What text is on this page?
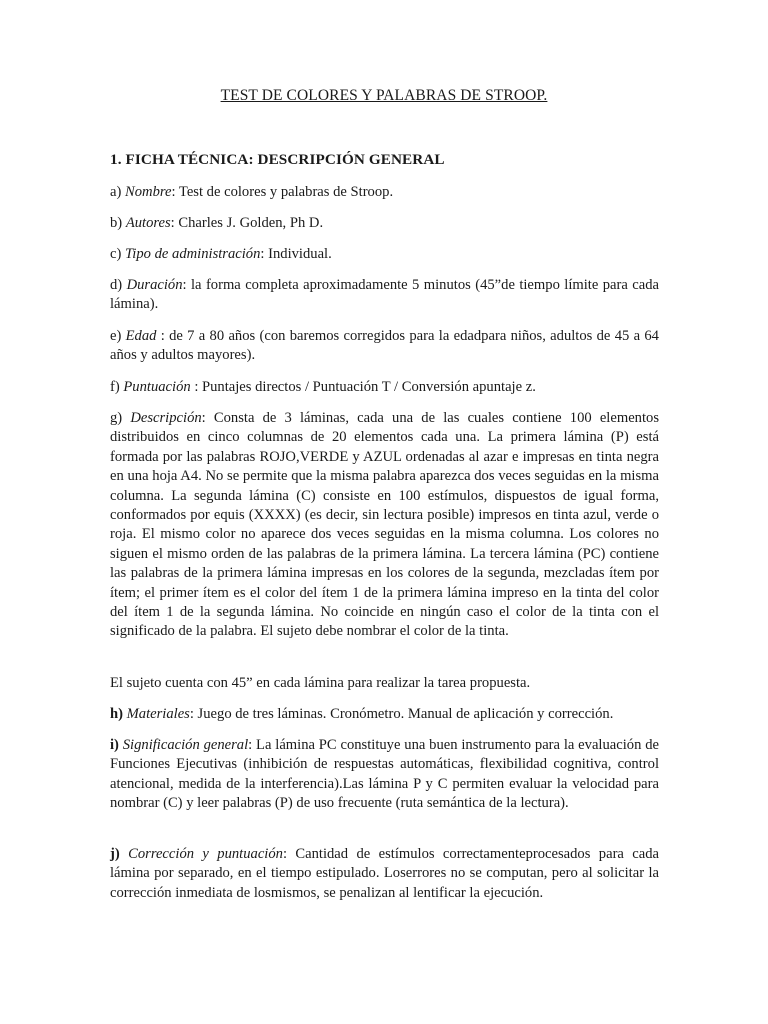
TEST DE COLORES Y PALABRAS DE STROOP.

1. FICHA TÉCNICA: DESCRIPCIÓN GENERAL

a) Nombre: Test de colores y palabras de Stroop.

b) Autores: Charles J. Golden, Ph D.

c) Tipo de administración: Individual.

d) Duración: la forma completa aproximadamente 5 minutos (45”de tiempo límite para cada lámina).

e) Edad : de 7 a 80 años (con baremos corregidos para la edadpara niños, adultos de 45 a 64 años y adultos mayores).

f) Puntuación : Puntajes directos / Puntuación T / Conversión apuntaje z.

g) Descripción: Consta de 3 láminas, cada una de las cuales contiene 100 elementos distribuidos en cinco columnas de 20 elementos cada una. La primera lámina (P) está formada por las palabras ROJO,VERDE y AZUL ordenadas al azar e impresas en tinta negra en una hoja A4. No se permite que la misma palabra aparezca dos veces seguidas en la misma columna. La segunda lámina (C) consiste en 100 estímulos, dispuestos de igual forma, conformados por equis (XXXX) (es decir, sin lectura posible) impresos en tinta azul, verde o roja. El mismo color no aparece dos veces seguidas en la misma columna. Los colores no siguen el mismo orden de las palabras de la primera lámina. La tercera lámina (PC) contiene las palabras de la primera lámina impresas en los colores de la segunda, mezcladas ítem por ítem; el primer ítem es el color del ítem 1 de la primera lámina impreso en la tinta del color del ítem 1 de la segunda lámina. No coincide en ningún caso el color de la tinta con el significado de la palabra. El sujeto debe nombrar el color de la tinta.

El sujeto cuenta con 45” en cada lámina para realizar la tarea propuesta.

h) Materiales: Juego de tres láminas. Cronómetro. Manual de aplicación y corrección.

i) Significación general: La lámina PC constituye una buen instrumento para la evaluación de Funciones Ejecutivas (inhibición de respuestas automáticas, flexibilidad cognitiva, control atencional, medida de la interferencia).Las lámina P y C permiten evaluar la velocidad para nombrar (C) y leer palabras (P) de uso frecuente (ruta semántica de la lectura).

j) Corrección y puntuación: Cantidad de estímulos correctamenteprocesados para cada lámina por separado, en el tiempo estipulado. Loserrores no se computan, pero al solicitar la corrección inmediata de losmismos, se penalizan al lentificar la ejecución.
